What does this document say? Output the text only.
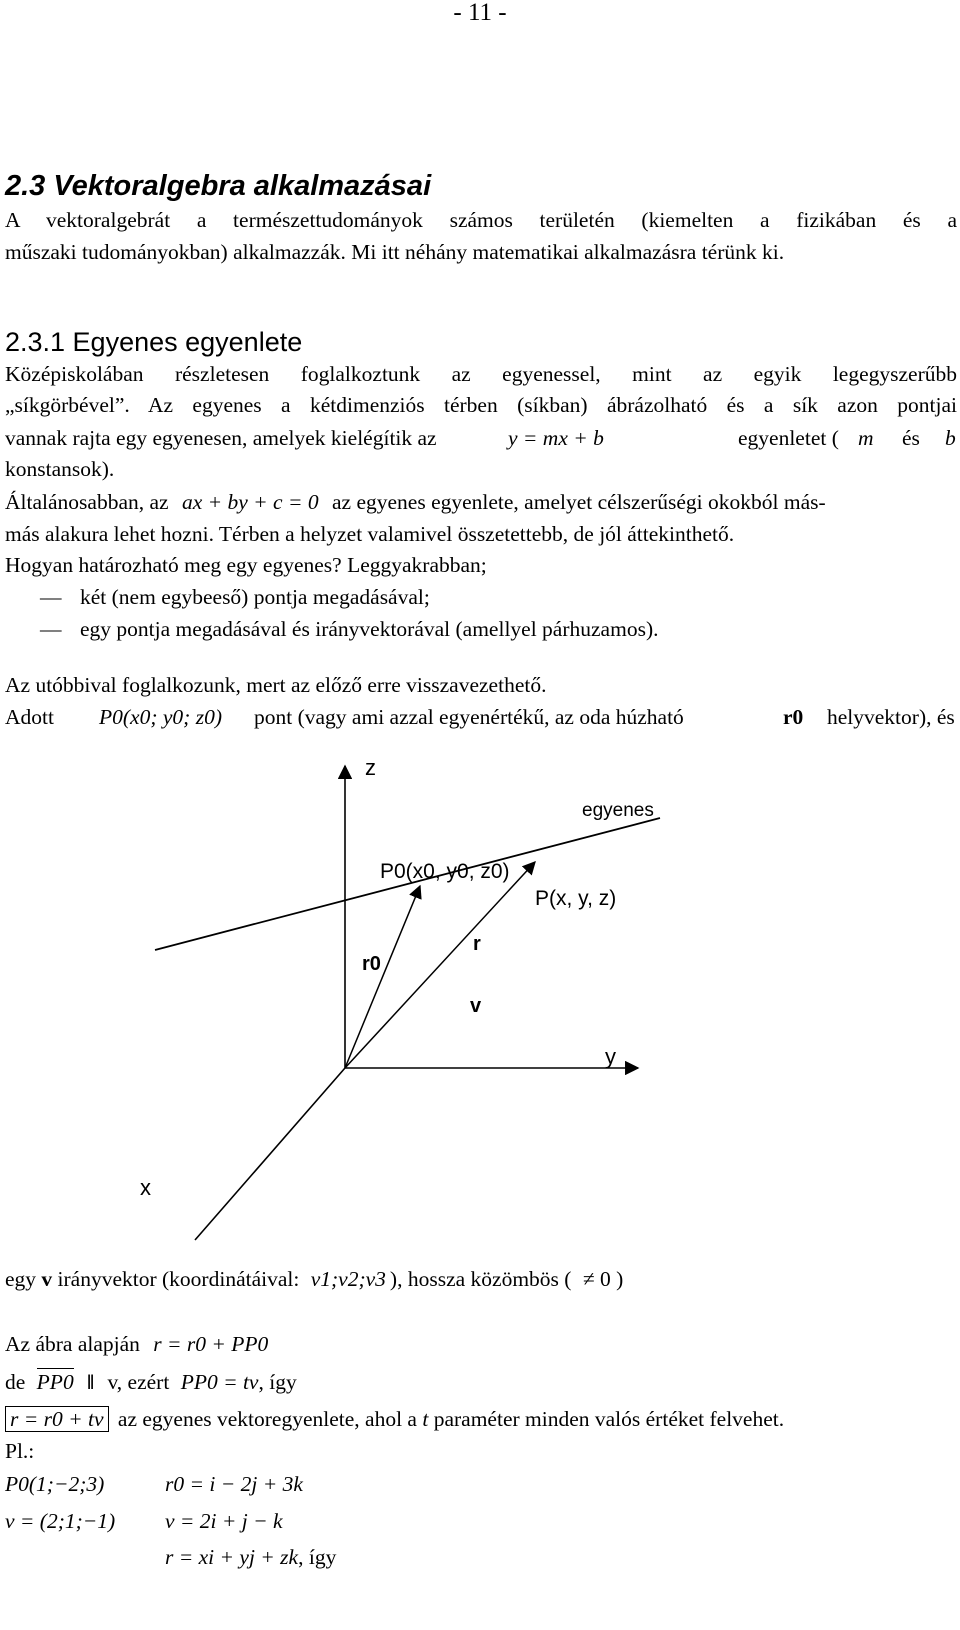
- 11 -
2.3 Vektoralgebra alkalmazásai
A vektoralgebrát a természettudományok számos területén (kiemelten a fizikában és a
műszaki tudományokban) alkalmazzák. Mi itt néhány matematikai alkalmazásra térünk ki.
2.3.1 Egyenes egyenlete
Középiskolában részletesen foglalkoztunk az egyenessel, mint az egyik legegyszerűbb
„síkgörbével”. Az egyenes a kétdimenziós térben (síkban) ábrázolható és a sík azon pontjai
vannak rajta egy egyenesen, amelyek kielégítik az	y = mx + b	egyenletet ( m és b
konstansok).
Általánosabban, az ax + by + c = 0 az egyenes egyenlete, amelyet célszerűségi okokból más-
más alakura lehet hozni. Térben a helyzet valamivel összetettebb, de jól áttekinthető.
Hogyan határozható meg egy egyenes? Leggyakrabban;
— két (nem egybeeső) pontja megadásával;
— egy pontja megadásával és irányvektorával (amellyel párhuzamos).
Az utóbbival foglalkozunk, mert az előző erre visszavezethető.
Adott P0(x0; y0; z0) pont (vagy ami azzal egyenértékű, az oda húzható	r0 helyvektor), és
z
y
x
egyenes
P0(x0, y0, z0)
P(x, y, z)
r0
r
v
egy v irányvektor (koordinátáival: v1;v2;v3 ), hossza közömbös ( ≠ 0 )
Az ábra alapján r = r0 + PP0
de PP0 ‖ v, ezért PP0 = tv, így
r = r0 + tv az egyenes vektoregyenlete, ahol a t paraméter minden valós értéket felvehet.
Pl.:
P0(1;−2;3)	r0 = i − 2j + 3k
v = (2;1;−1) v = 2i + j − k
r = xi + yj + zk, így
